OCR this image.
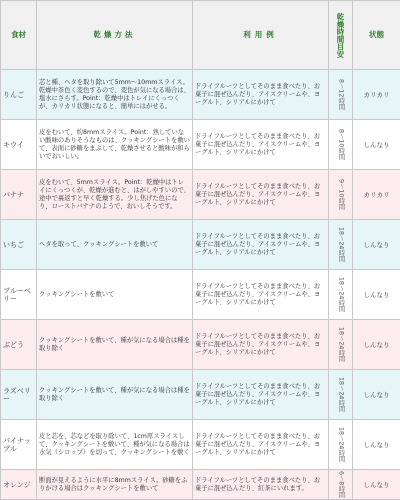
食材	乾燥方法	利用例	乾燥時間目安	状態
りんご	芯と種、ヘタを取り除いて5mm〜10mmスライス。乾燥中茶色く変色するので、変色が気になる場合は、塩水にさらす。Point：乾燥中はトレイにくっつくが、カリカリ状態になると、簡単にはがせる。	ドライフルーツとしてそのまま食べたり、お菓子に混ぜ込んだり、アイスクリームや、ヨーグルト、シリアルにかけて	8〜12時間	カリカリ
キウイ	皮をむいて、約8mmスライス。Point：熟していない酸味のありそうなものは、クッキングシートを敷いて、表面に砂糖をまぶして、乾燥させると酸味が和らいでおいしい。	ドライフルーツとしてそのまま食べたり、お菓子に混ぜ込んだり、アイスクリームや、ヨーグルト、シリアルにかけて	8〜10時間	しんなり
バナナ	皮をむいて、5mmスライス。Point：乾燥中はトレイにくっつくが、乾燥が進むと、はがしやすいので、途中で裏返すと早く乾燥する。少し焦げた色になり、ローストバナナのようで、おいしそうです。	ドライフルーツとしてそのまま食べたり、お菓子に混ぜ込んだり、アイスクリームや、ヨーグルト、シリアルにかけて	9〜10時間	カリカリ
いちご	ヘタを取って、クッキングシートを敷いて	ドライフルーツとしてそのまま食べたり、お菓子に混ぜ込んだり、アイスクリームや、ヨーグルト、シリアルにかけて	18〜24時間	しんなり
ブルーベリー	クッキングシートを敷いて	ドライフルーツとしてそのまま食べたり、お菓子に混ぜ込んだり、アイスクリームや、ヨーグルト、シリアルにかけて	18〜24時間	しんなり
ぶどう	クッキングシートを敷いて、種が気になる場合は種を取り除く	ドライフルーツとしてそのまま食べたり、お菓子に混ぜ込んだり、アイスクリームや、ヨーグルト、シリアルにかけて	18〜24時間	しんなり
ラズベリー	クッキングシートを敷いて、種が気になる場合は種を取り除く	ドライフルーツとしてそのまま食べたり、お菓子に混ぜ込んだり、アイスクリームや、ヨーグルト、シリアルにかけて	18〜24時間	しんなり
パイナップル	皮と芯を、芯などを取り除いて、1cm厚スライスして、クッキングシートを敷いて、種が気になる場合は水気（シロップ）を切って、クッキングシートを敷く	ドライフルーツとしてそのまま食べたり、お菓子に混ぜ込んだり、アイスクリームや、ヨーグルト、シリアルにかけて	18〜24時間	しんなり
オレンジ	断面が見えるように水平に8mmスライス。砂糖をふりかける場合はクッキングシートを敷いて	ドライフルーツとしてそのまま食べたり、お菓子に混ぜ込んだり、紅茶にいれます。	6〜8時間	しんなり
